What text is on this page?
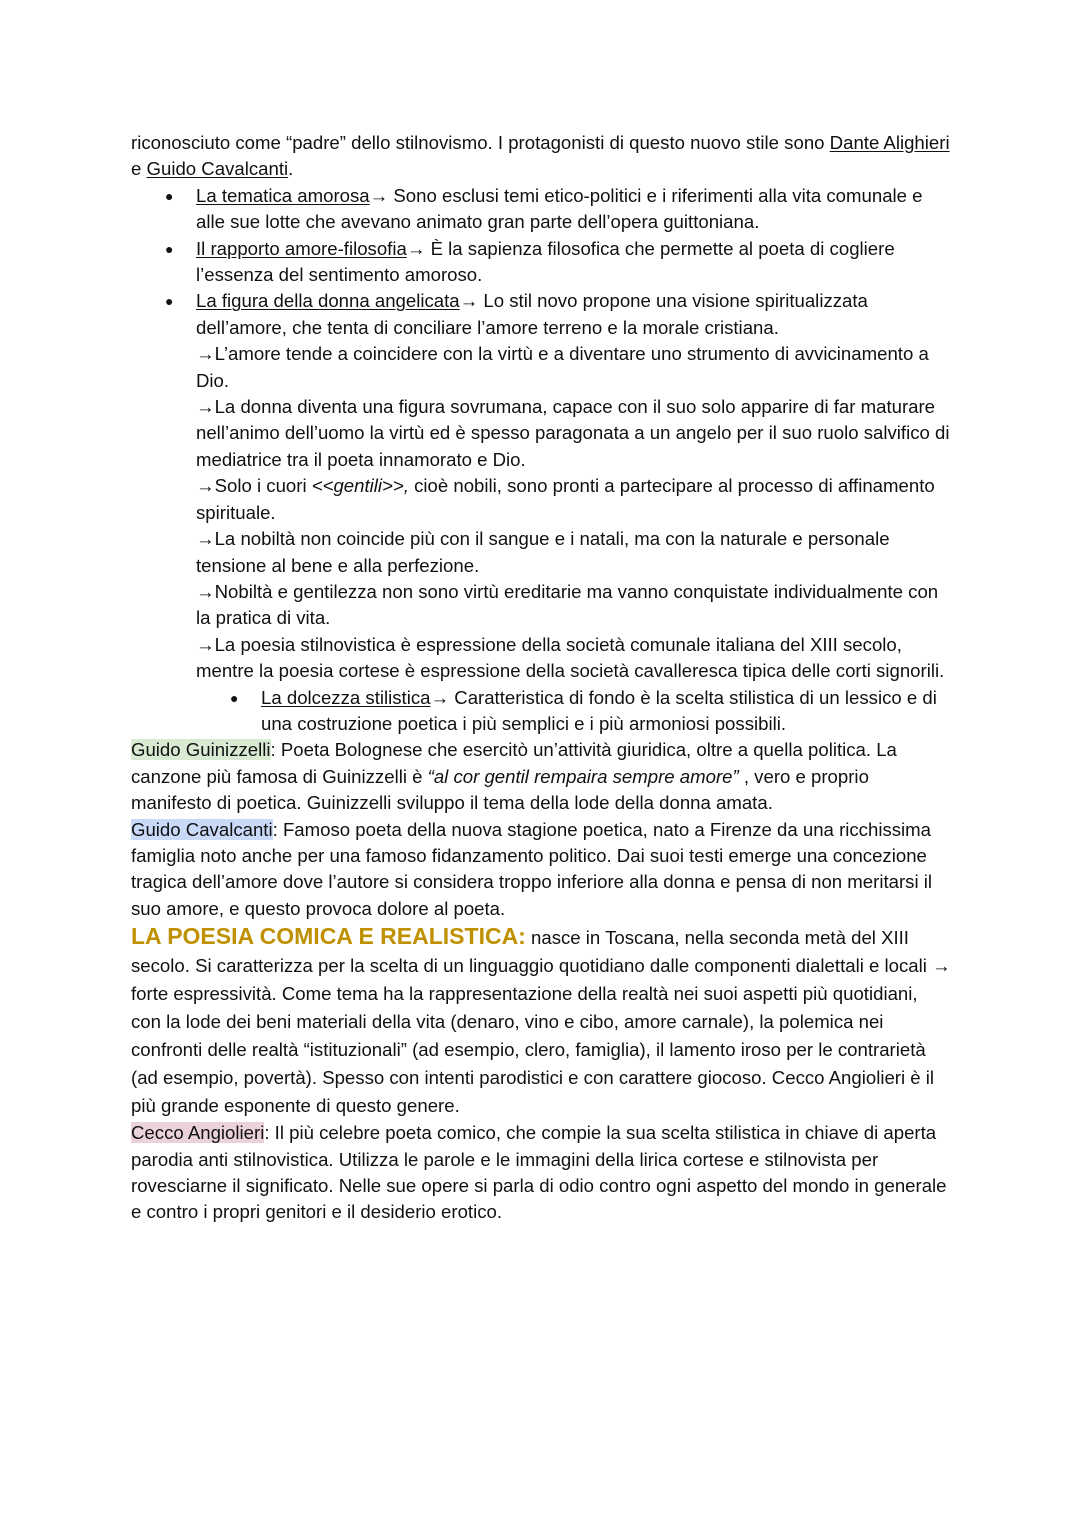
riconosciuto come “padre” dello stilnovismo. I protagonisti di questo nuovo stile sono Dante Alighieri e Guido Cavalcanti.

● La tematica amorosa→ Sono esclusi temi etico-politici e i riferimenti alla vita comunale e alle sue lotte che avevano animato gran parte dell’opera guittoniana.
● Il rapporto amore-filosofia→ È la sapienza filosofica che permette al poeta di cogliere l’essenza del sentimento amoroso.
● La figura della donna angelicata→ Lo stil novo propone una visione spiritualizzata dell’amore, che tenta di conciliare l’amore terreno e la morale cristiana.
→L’amore tende a coincidere con la virtù e a diventare uno strumento di avvicinamento a Dio.
→La donna diventa una figura sovrumana, capace con il suo solo apparire di far maturare nell’animo dell’uomo la virtù ed è spesso paragonata a un angelo per il suo ruolo salvifico di mediatrice tra il poeta innamorato e Dio.
→Solo i cuori <<gentili>>, cioè nobili, sono pronti a partecipare al processo di affinamento spirituale.
→La nobiltà non coincide più con il sangue e i natali, ma con la naturale e personale tensione al bene e alla perfezione.
→Nobiltà e gentilezza non sono virtù ereditarie ma vanno conquistate individualmente con la pratica di vita.
→La poesia stilnovistica è espressione della società comunale italiana del XIII secolo, mentre la poesia cortese è espressione della società cavalleresca tipica delle corti signorili.
● La dolcezza stilistica→ Caratteristica di fondo è la scelta stilistica di un lessico e di una costruzione poetica i più semplici e i più armoniosi possibili.

Guido Guinizzelli: Poeta Bolognese che esercitò un’attività giuridica, oltre a quella politica. La canzone più famosa di Guinizzelli è “al cor gentil rempaira sempre amore” , vero e proprio manifesto di poetica. Guinizzelli sviluppo il tema della lode della donna amata.

Guido Cavalcanti: Famoso poeta della nuova stagione poetica, nato a Firenze da una ricchissima famiglia noto anche per una famoso fidanzamento politico. Dai suoi testi emerge una concezione tragica dell’amore dove l’autore si considera troppo inferiore alla donna e pensa di non meritarsi il suo amore, e questo provoca dolore al poeta.

LA POESIA COMICA E REALISTICA: nasce in Toscana, nella seconda metà del XIII secolo. Si caratterizza per la scelta di un linguaggio quotidiano dalle componenti dialettali e locali → forte espressività. Come tema ha la rappresentazione della realtà nei suoi aspetti più quotidiani, con la lode dei beni materiali della vita (denaro, vino e cibo, amore carnale), la polemica nei confronti delle realtà “istituzionali” (ad esempio, clero, famiglia), il lamento iroso per le contrarietà (ad esempio, povertà). Spesso con intenti parodistici e con carattere giocoso. Cecco Angiolieri è il più grande esponente di questo genere.

Cecco Angiolieri: Il più celebre poeta comico, che compie la sua scelta stilistica in chiave di aperta parodia anti stilnovistica. Utilizza le parole e le immagini della lirica cortese e stilnovista per rovesciarne il significato. Nelle sue opere si parla di odio contro ogni aspetto del mondo in generale e contro i propri genitori e il desiderio erotico.
